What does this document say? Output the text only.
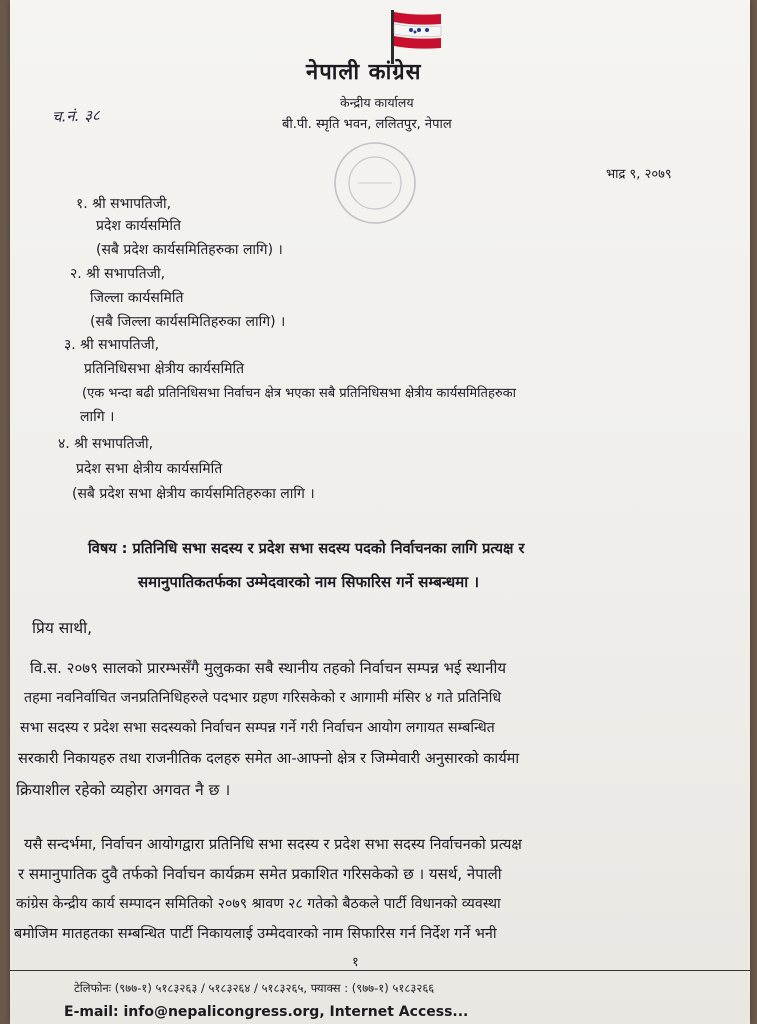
नेपाली कांग्रेस
केन्द्रीय कार्यालय
बी.पी. स्मृति भवन, ललितपुर, नेपाल
च.नं. ३८
भाद्र ९, २०७९
१. श्री सभापतिजी,
प्रदेश कार्यसमिति
(सबै प्रदेश कार्यसमितिहरुका लागि) ।
२. श्री सभापतिजी,
जिल्ला कार्यसमिति
(सबै जिल्ला कार्यसमितिहरुका लागि) ।
३. श्री सभापतिजी,
प्रतिनिधिसभा क्षेत्रीय कार्यसमिति
(एक भन्दा बढी प्रतिनिधिसभा निर्वाचन क्षेत्र भएका सबै प्रतिनिधिसभा क्षेत्रीय कार्यसमितिहरुका
लागि ।
४. श्री सभापतिजी,
प्रदेश सभा क्षेत्रीय कार्यसमिति
(सबै प्रदेश सभा क्षेत्रीय कार्यसमितिहरुका लागि ।
विषय : प्रतिनिधि सभा सदस्य र प्रदेश सभा सदस्य पदको निर्वाचनका लागि प्रत्यक्ष र
समानुपातिकतर्फका उम्मेदवारको नाम सिफारिस गर्ने सम्बन्धमा ।
प्रिय साथी,
वि.स. २०७९ सालको प्रारम्भसँगै मुलुकका सबै स्थानीय तहको निर्वाचन सम्पन्न भई स्थानीय
तहमा नवनिर्वाचित जनप्रतिनिधिहरुले पदभार ग्रहण गरिसकेको र आगामी मंसिर ४ गते प्रतिनिधि
सभा सदस्य र प्रदेश सभा सदस्यको निर्वाचन सम्पन्न गर्ने गरी निर्वाचन आयोग लगायत सम्बन्धित
सरकारी निकायहरु तथा राजनीतिक दलहरु समेत आ-आफ्नो क्षेत्र र जिम्मेवारी अनुसारको कार्यमा
क्रियाशील रहेको व्यहोरा अगवत नै छ ।
यसै सन्दर्भमा, निर्वाचन आयोगद्वारा प्रतिनिधि सभा सदस्य र प्रदेश सभा सदस्य निर्वाचनको प्रत्यक्ष
र समानुपातिक दुवै तर्फको निर्वाचन कार्यक्रम समेत प्रकाशित गरिसकेको छ । यसर्थ, नेपाली
कांग्रेस केन्द्रीय कार्य सम्पादन समितिको २०७९ श्रावण २८ गतेको बैठकले पार्टी विधानको व्यवस्था
बमोजिम मातहतका सम्बन्धित पार्टी निकायलाई उम्मेदवारको नाम सिफारिस गर्न निर्देश गर्ने भनी
१
टेलिफोनः (९७७-१) ५१८३२६३ / ५१८३२६४ / ५१८३२६५, फ्याक्स : (९७७-१) ५१८३२६६
E-mail: info@nepalicongress.org, Internet Access...
